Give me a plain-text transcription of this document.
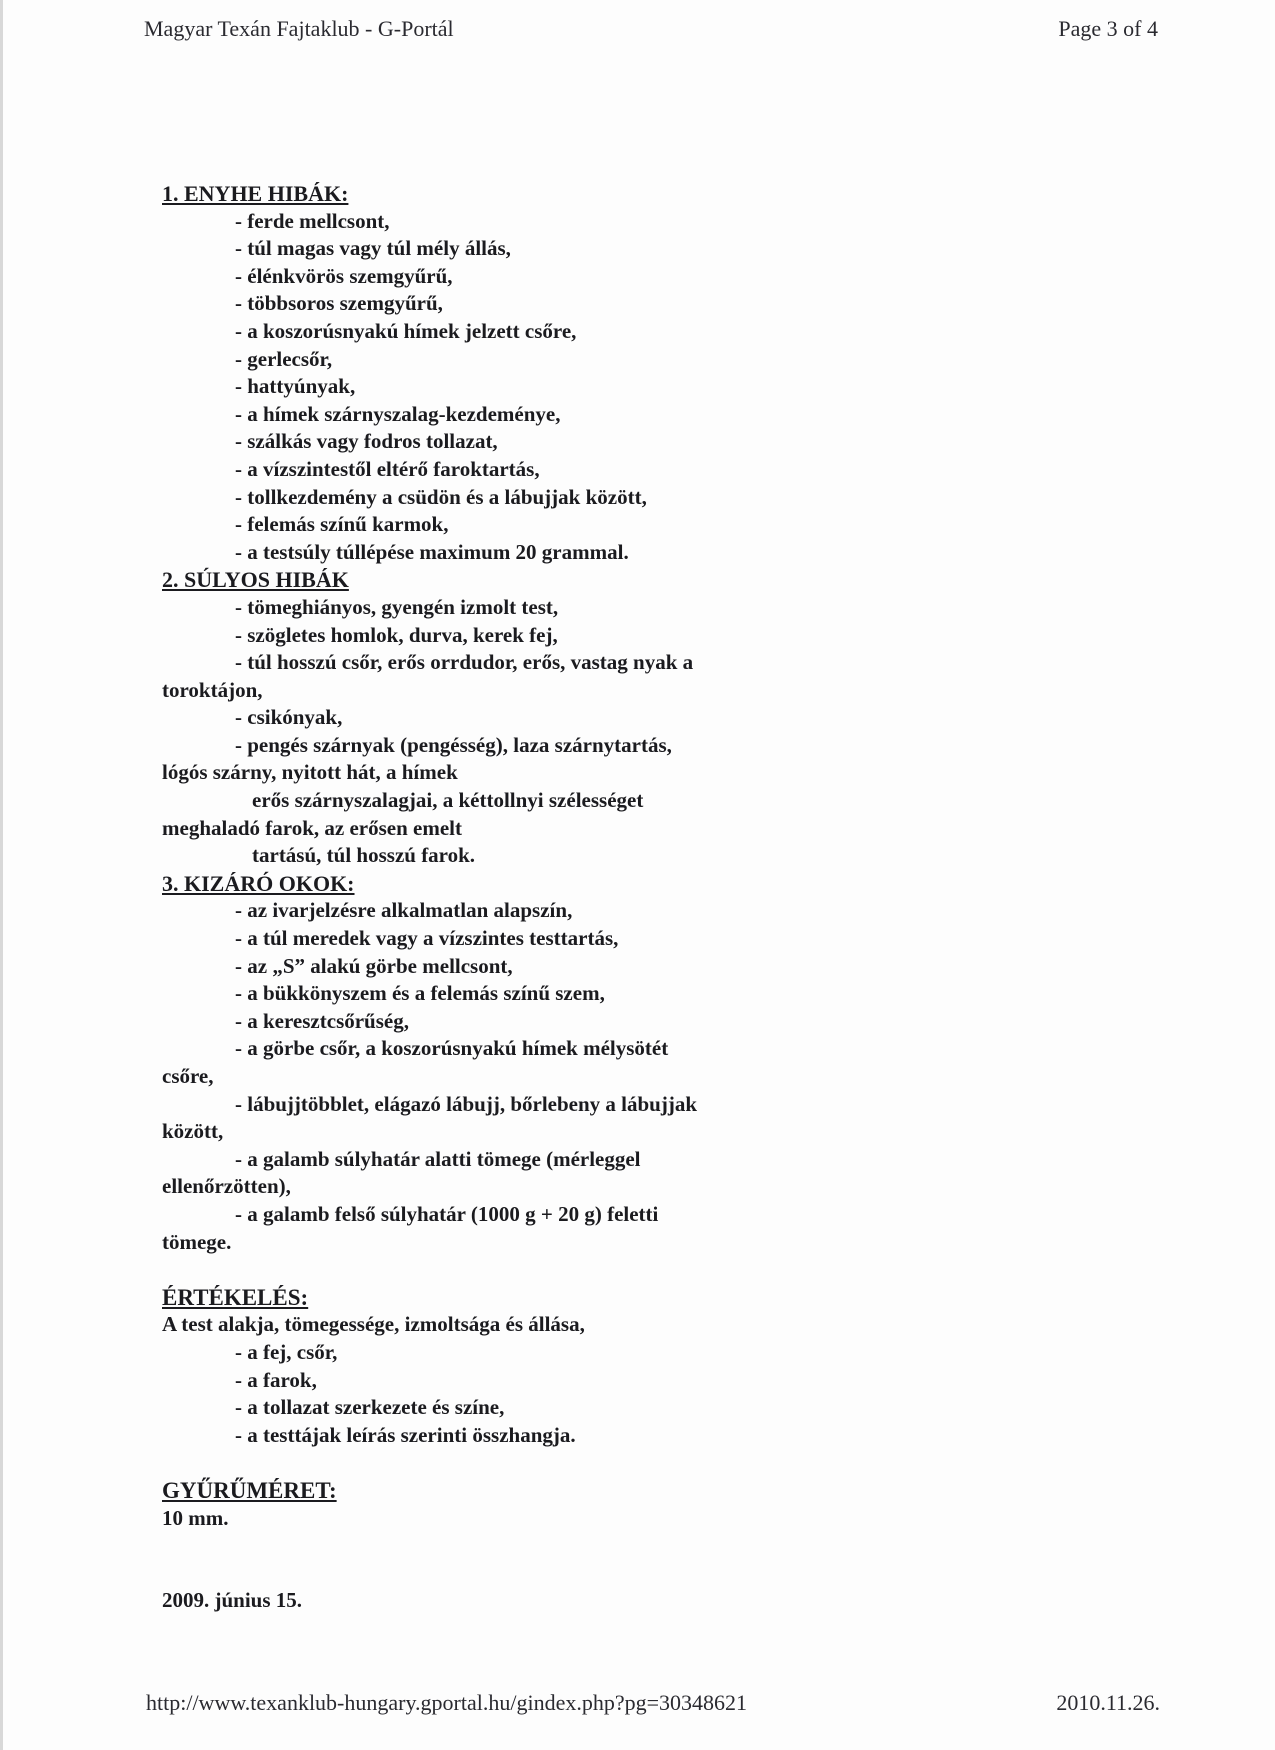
Magyar Texán Fajtaklub - G-Portál	Page 3 of 4
1. ENYHE HIBÁK:
- ferde mellcsont,
- túl magas vagy túl mély állás,
- élénkvörös szemgyűrű,
- többsoros szemgyűrű,
- a koszorúsnyakú hímek jelzett csőre,
- gerlecsőr,
- hattyúnyak,
- a hímek szárnyszalag-kezdeménye,
- szálkás vagy fodros tollazat,
- a vízszintestől eltérő faroktartás,
- tollkezdemény a csüdön és a lábujjak között,
- felemás színű karmok,
- a testsúly túllépése maximum 20 grammal.
2. SÚLYOS HIBÁK
- tömeghiányos, gyengén izmolt test,
- szögletes homlok, durva, kerek fej,
- túl hosszú csőr, erős orrdudor, erős, vastag nyak a
toroktájon,
- csikónyak,
- pengés szárnyak (pengésség), laza szárnytartás,
lógós szárny, nyitott hát, a hímek
erős szárnyszalagjai, a kéttollnyi szélességet
meghaladó farok, az erősen emelt
tartású, túl hosszú farok.
3. KIZÁRÓ OKOK:
- az ivarjelzésre alkalmatlan alapszín,
- a túl meredek vagy a vízszintes testtartás,
- az „S” alakú görbe mellcsont,
- a bükkönyszem és a felemás színű szem,
- a keresztcsőrűség,
- a görbe csőr, a koszorúsnyakú hímek mélysötét
csőre,
- lábujjtöbblet, elágazó lábujj, bőrlebeny a lábujjak
között,
- a galamb súlyhatár alatti tömege (mérleggel
ellenőrzötten),
- a galamb felső súlyhatár (1000 g + 20 g) feletti
tömege.
ÉRTÉKELÉS:
A test alakja, tömegessége, izmoltsága és állása,
- a fej, csőr,
- a farok,
- a tollazat szerkezete és színe,
- a testtájak leírás szerinti összhangja.
GYŰRŰMÉRET:
10 mm.
2009. június 15.
http://www.texanklub-hungary.gportal.hu/gindex.php?pg=30348621	2010.11.26.
